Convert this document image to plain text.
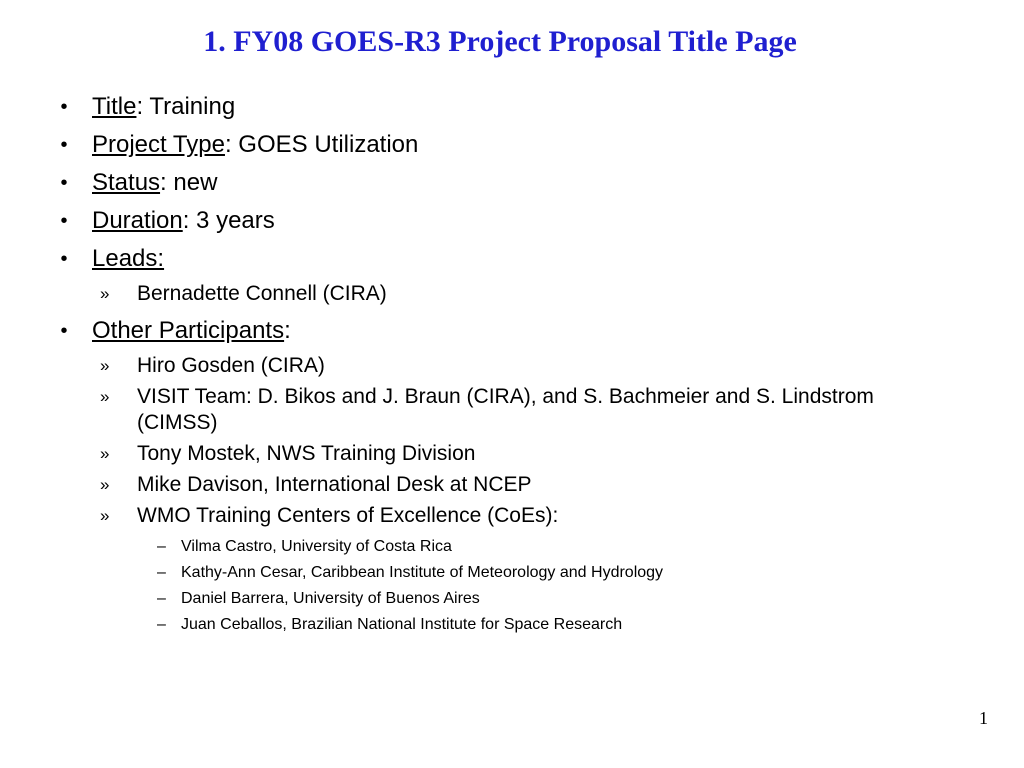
1. FY08 GOES-R3 Project Proposal Title Page
• Title: Training
• Project Type: GOES Utilization
• Status: new
• Duration: 3 years
• Leads:
» Bernadette Connell (CIRA)
• Other Participants:
» Hiro Gosden (CIRA)
» VISIT Team: D. Bikos and J. Braun (CIRA), and S. Bachmeier and S. Lindstrom (CIMSS)
» Tony Mostek, NWS Training Division
» Mike Davison, International Desk at NCEP
» WMO Training Centers of Excellence (CoEs):
– Vilma Castro, University of Costa Rica
– Kathy-Ann Cesar, Caribbean Institute of Meteorology and Hydrology
– Daniel Barrera, University of Buenos Aires
– Juan Ceballos, Brazilian National Institute for Space Research
1
